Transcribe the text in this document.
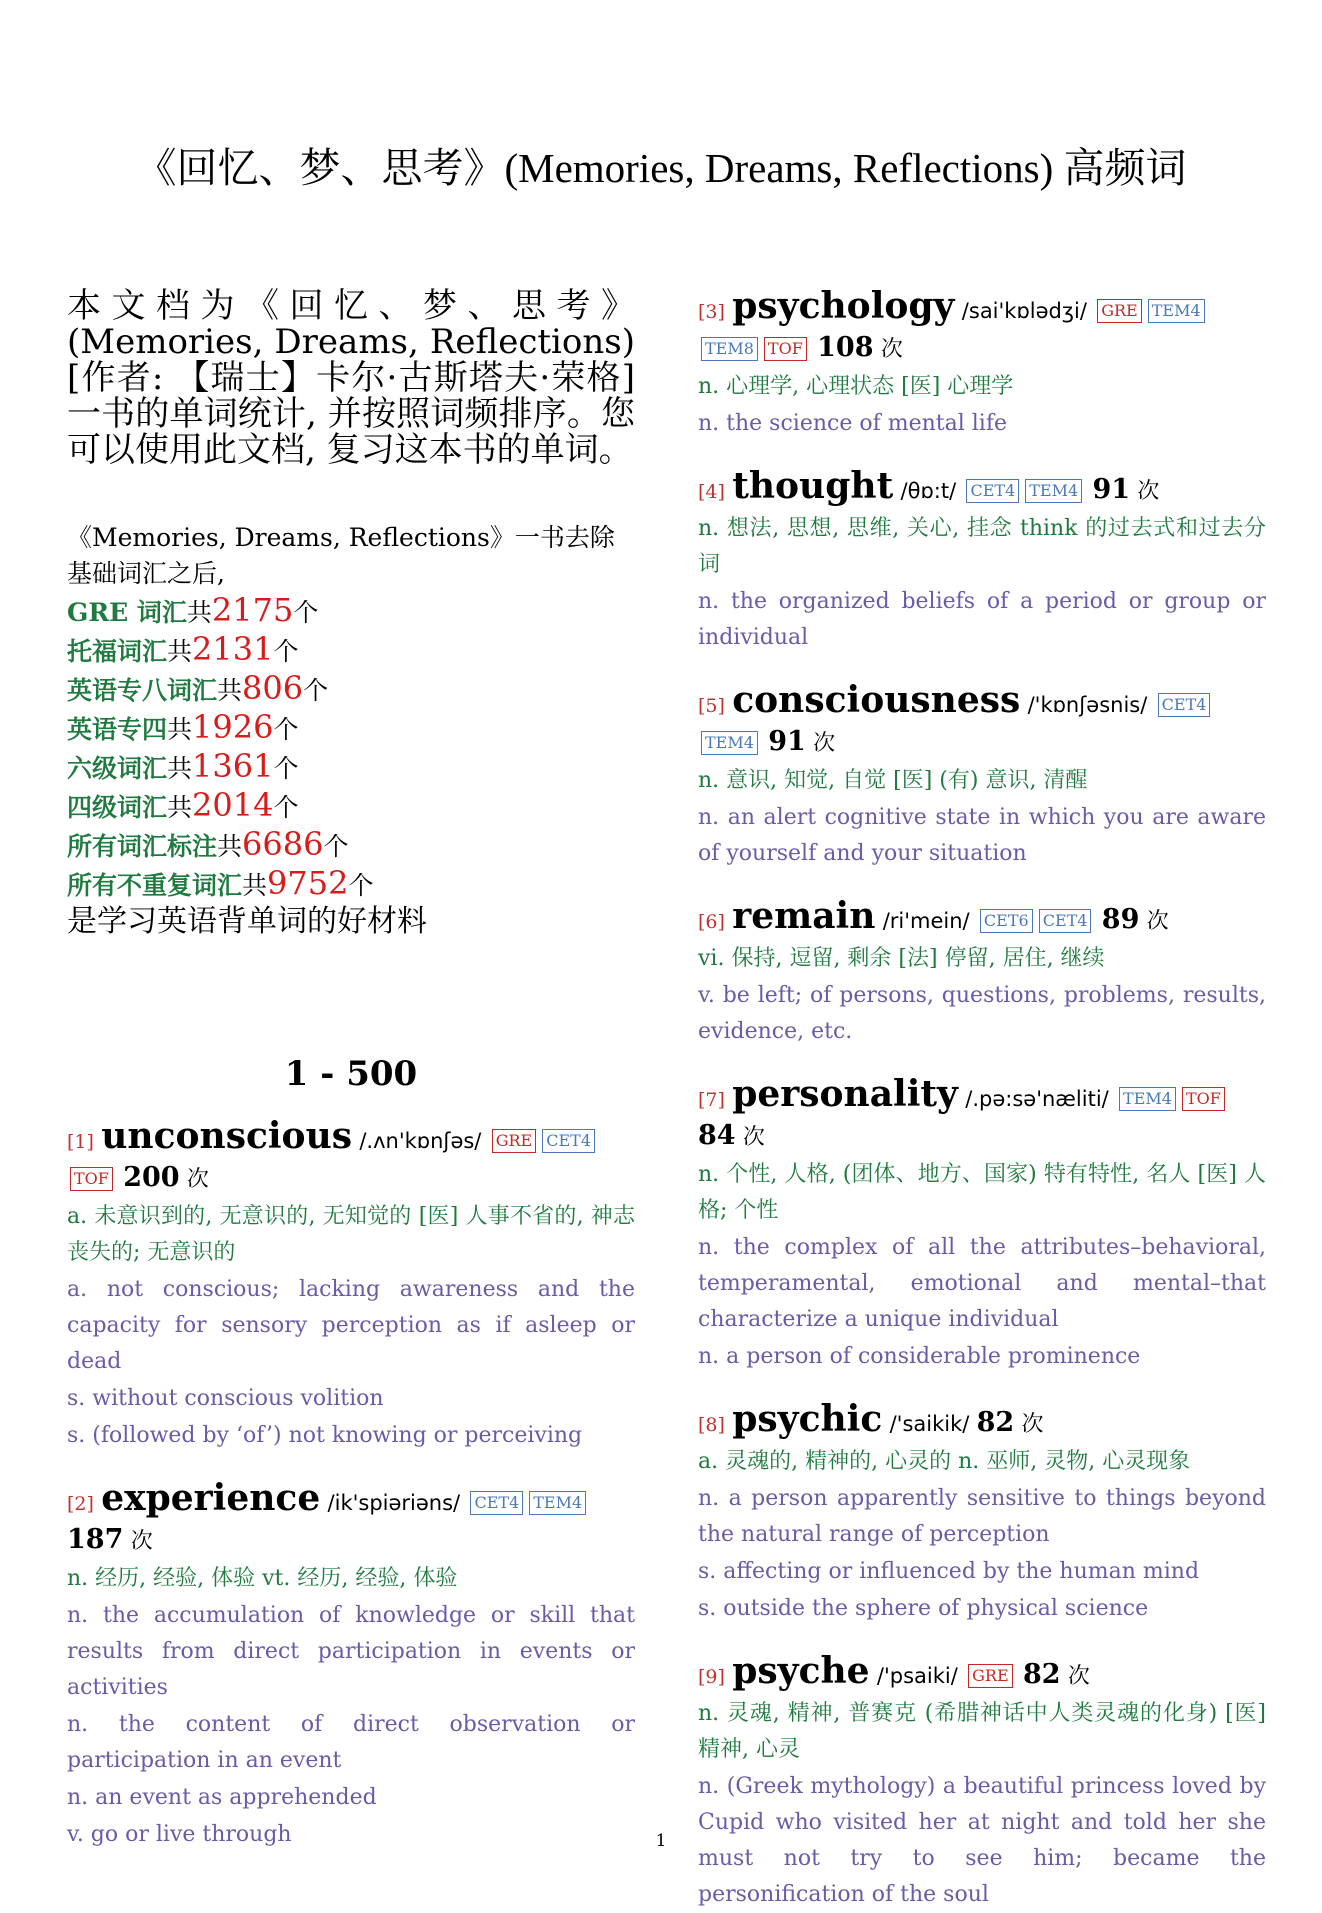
《回忆、梦、思考》(Memories, Dreams, Reflections) 高频词

本文档为《回忆、梦、思考》(Memories, Dreams, Reflections)[作者: 【瑞士】卡尔·古斯塔夫·荣格] 一书的单词统计, 并按照词频排序。您可以使用此文档, 复习这本书的单词。

《Memories, Dreams, Reflections》一书去除基础词汇之后,
GRE 词汇共2175个
托福词汇共2131个
英语专八词汇共806个
英语专四共1926个
六级词汇共1361个
四级词汇共2014个
所有词汇标注共6686个
所有不重复词汇共9752个
是学习英语背单词的好材料
1 - 500
[1] unconscious /.ʌn'kɒnʃəs/ GRE CET4TOF 200 次
a. 未意识到的, 无意识的, 无知觉的 [医] 人事不省的, 神志丧失的; 无意识的
a. not conscious; lacking awareness and the capacity for sensory perception as if asleep or dead
s. without conscious volition
s. (followed by ‘of’) not knowing or perceiving
[2] experience /ik'spiəriəns/ CET4 TEM4 187 次
n. 经历, 经验, 体验 vt. 经历, 经验, 体验
n. the accumulation of knowledge or skill that results from direct participation in events or activities
n. the content of direct observation or participation in an event
n. an event as apprehended
v. go or live through
[3] psychology /sai'kɒlədʒi/ GRE TEM4TEM8 TOF 108 次
n. 心理学, 心理状态 [医] 心理学
n. the science of mental life
[4] thought /θɒ:t/ CET4 TEM4 91 次
n. 想法, 思想, 思维, 关心, 挂念 think 的过去式和过去分词
n. the organized beliefs of a period or group or individual
[5] consciousness /'kɒnʃəsnis/ CET4TEM4 91 次
n. 意识, 知觉, 自觉 [医] (有) 意识, 清醒
n. an alert cognitive state in which you are aware of yourself and your situation
[6] remain /ri'mein/ CET6 CET4 89 次
vi. 保持, 逗留, 剩余 [法] 停留, 居住, 继续
v. be left; of persons, questions, problems, results, evidence, etc.
[7] personality /.pə:sə'næliti/ TEM4 TOF 84 次
n. 个性, 人格, (团体、地方、国家) 特有特性, 名人 [医] 人格; 个性
n. the complex of all the attributes–behavioral, temperamental, emotional and mental–that characterize a unique individual
n. a person of considerable prominence
[8] psychic /'saikik/ 82 次
a. 灵魂的, 精神的, 心灵的 n. 巫师, 灵物, 心灵现象
n. a person apparently sensitive to things beyond the natural range of perception
s. affecting or influenced by the human mind
s. outside the sphere of physical science
[9] psyche /'psaiki/ GRE 82 次
n. 灵魂, 精神, 普赛克 (希腊神话中人类灵魂的化身) [医] 精神, 心灵
n. (Greek mythology) a beautiful princess loved by Cupid who visited her at night and told her she must not try to see him; became the personification of the soul
1
